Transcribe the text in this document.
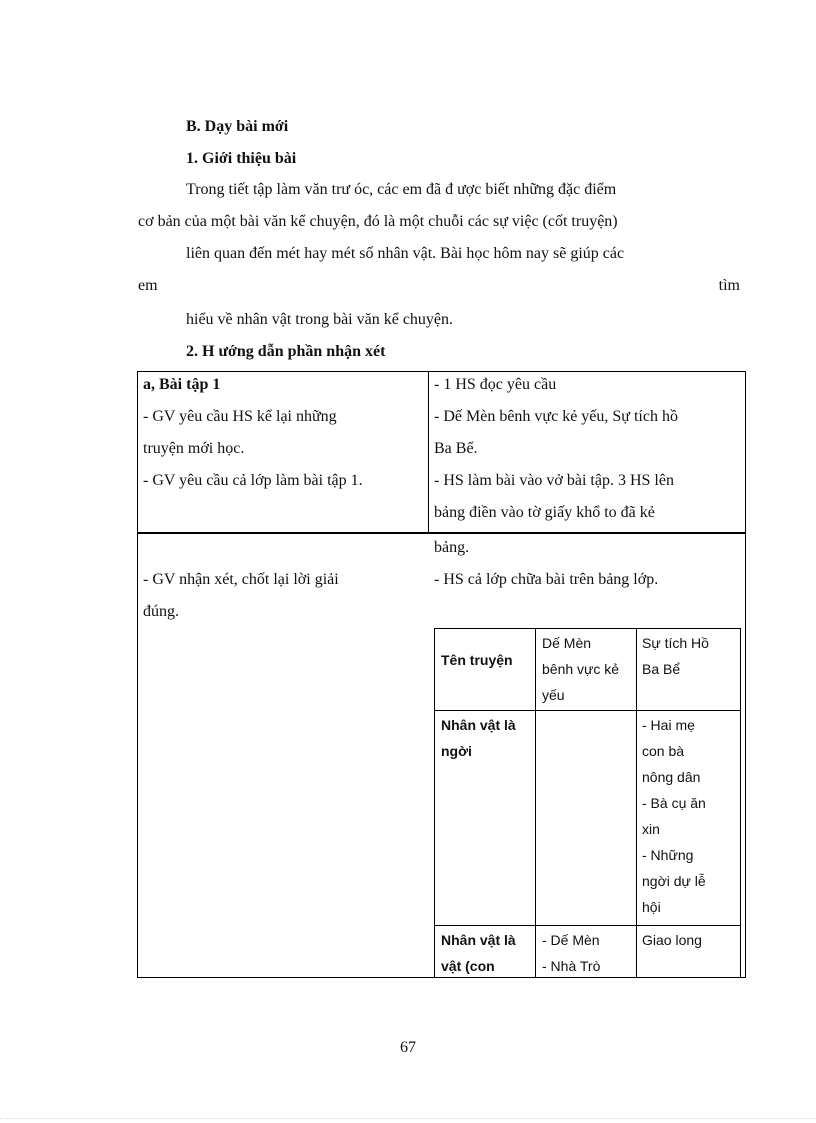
B. Dạy bài mới
1. Giới thiệu bài
Trong tiết tập làm văn trư óc, các em đã đ ược biết những đặc điểm
cơ bản của một bài văn kể chuyện, đó là một chuỗi các sự việc (cốt truyện)
liên quan đến mét hay mét số nhân vật. Bài học hôm nay sẽ giúp các
em	tìm
hiểu về nhân vật trong bài văn kể chuyện.
2. H ướng dẫn phần nhận xét
a, Bài tập 1
- GV yêu cầu HS kể lại những
truyện mới học.
- GV yêu cầu cả lớp làm bài tập 1.
- 1 HS đọc yêu cầu
- Dế Mèn bênh vực kẻ yếu, Sự tích hồ
Ba Bể.
- HS làm bài vào vở bài tập. 3 HS lên
bảng điền vào tờ giấy khổ to đã kẻ
- GV nhận xét, chốt lại lời giải
đúng.
bảng.
- HS cả lớp chữa bài trên bảng lớp.
Tên truyện
Dế Mèn
bênh vực kẻ
yếu
Sự tích Hồ
Ba Bể
Nhân vật là
ngời
- Hai mẹ
con bà
nông dân
- Bà cụ ăn
xin
- Những
ngời dự lễ
hội
Nhân vật là
vật (con
- Dế Mèn
- Nhà Trò
Giao long
67
